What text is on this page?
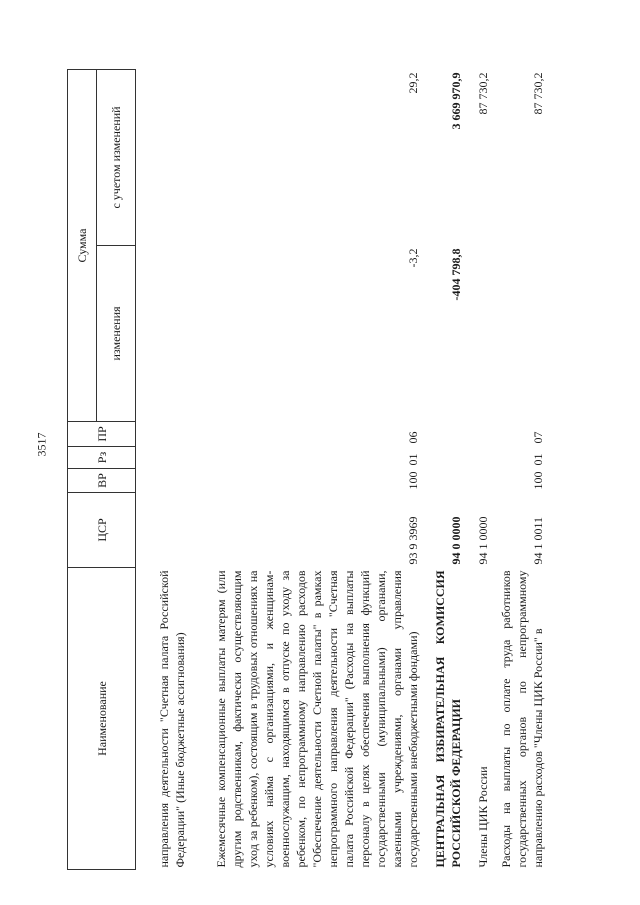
3517
Наименование	ЦСР	ВР	Рз	ПР	Сумма	
					изменения	с учетом изменений
направления деятельности "Счетная палата Российской Федерации" (Иные бюджетные ассигнования)						
Ежемесячные компенсационные выплаты матерям (или другим родственникам, фактически осуществляющим уход за ребенком), состоящим в трудовых отношениях на условиях найма с организациями, и женщинам-военнослужащим, находящимся в отпуске по уходу за ребенком, по непрограммному направлению расходов "Обеспечение деятельности Счетной палаты" в рамках непрограммного направления деятельности "Счетная палата Российской Федерации" (Расходы на выплаты персоналу в целях обеспечения выполнения функций государственными (муниципальными) органами, казенными учреждениями, органами управления государственными внебюджетными фондами)	93 9 3969	100	01	06	-3,2	29,2
ЦЕНТРАЛЬНАЯ ИЗБИРАТЕЛЬНАЯ КОМИССИЯ РОССИЙСКОЙ ФЕДЕРАЦИИ	94 0 0000				-404 798,8	3 669 970,9
Члены ЦИК России	94 1 0000					87 730,2
Расходы на выплаты по оплате труда работников государственных органов по непрограммному направлению расходов "Члены ЦИК России" в	94 1 0011	100	01	07		87 730,2
